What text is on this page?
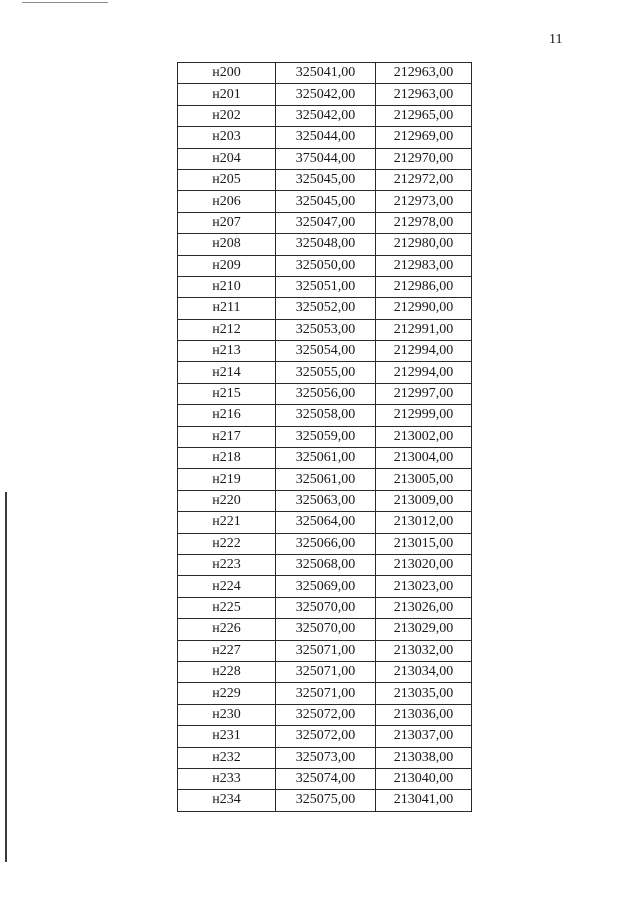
11
н200	325041,00	212963,00
н201	325042,00	212963,00
н202	325042,00	212965,00
н203	325044,00	212969,00
н204	375044,00	212970,00
н205	325045,00	212972,00
н206	325045,00	212973,00
н207	325047,00	212978,00
н208	325048,00	212980,00
н209	325050,00	212983,00
н210	325051,00	212986,00
н211	325052,00	212990,00
н212	325053,00	212991,00
н213	325054,00	212994,00
н214	325055,00	212994,00
н215	325056,00	212997,00
н216	325058,00	212999,00
н217	325059,00	213002,00
н218	325061,00	213004,00
н219	325061,00	213005,00
н220	325063,00	213009,00
н221	325064,00	213012,00
н222	325066,00	213015,00
н223	325068,00	213020,00
н224	325069,00	213023,00
н225	325070,00	213026,00
н226	325070,00	213029,00
н227	325071,00	213032,00
н228	325071,00	213034,00
н229	325071,00	213035,00
н230	325072,00	213036,00
н231	325072,00	213037,00
н232	325073,00	213038,00
н233	325074,00	213040,00
н234	325075,00	213041,00
